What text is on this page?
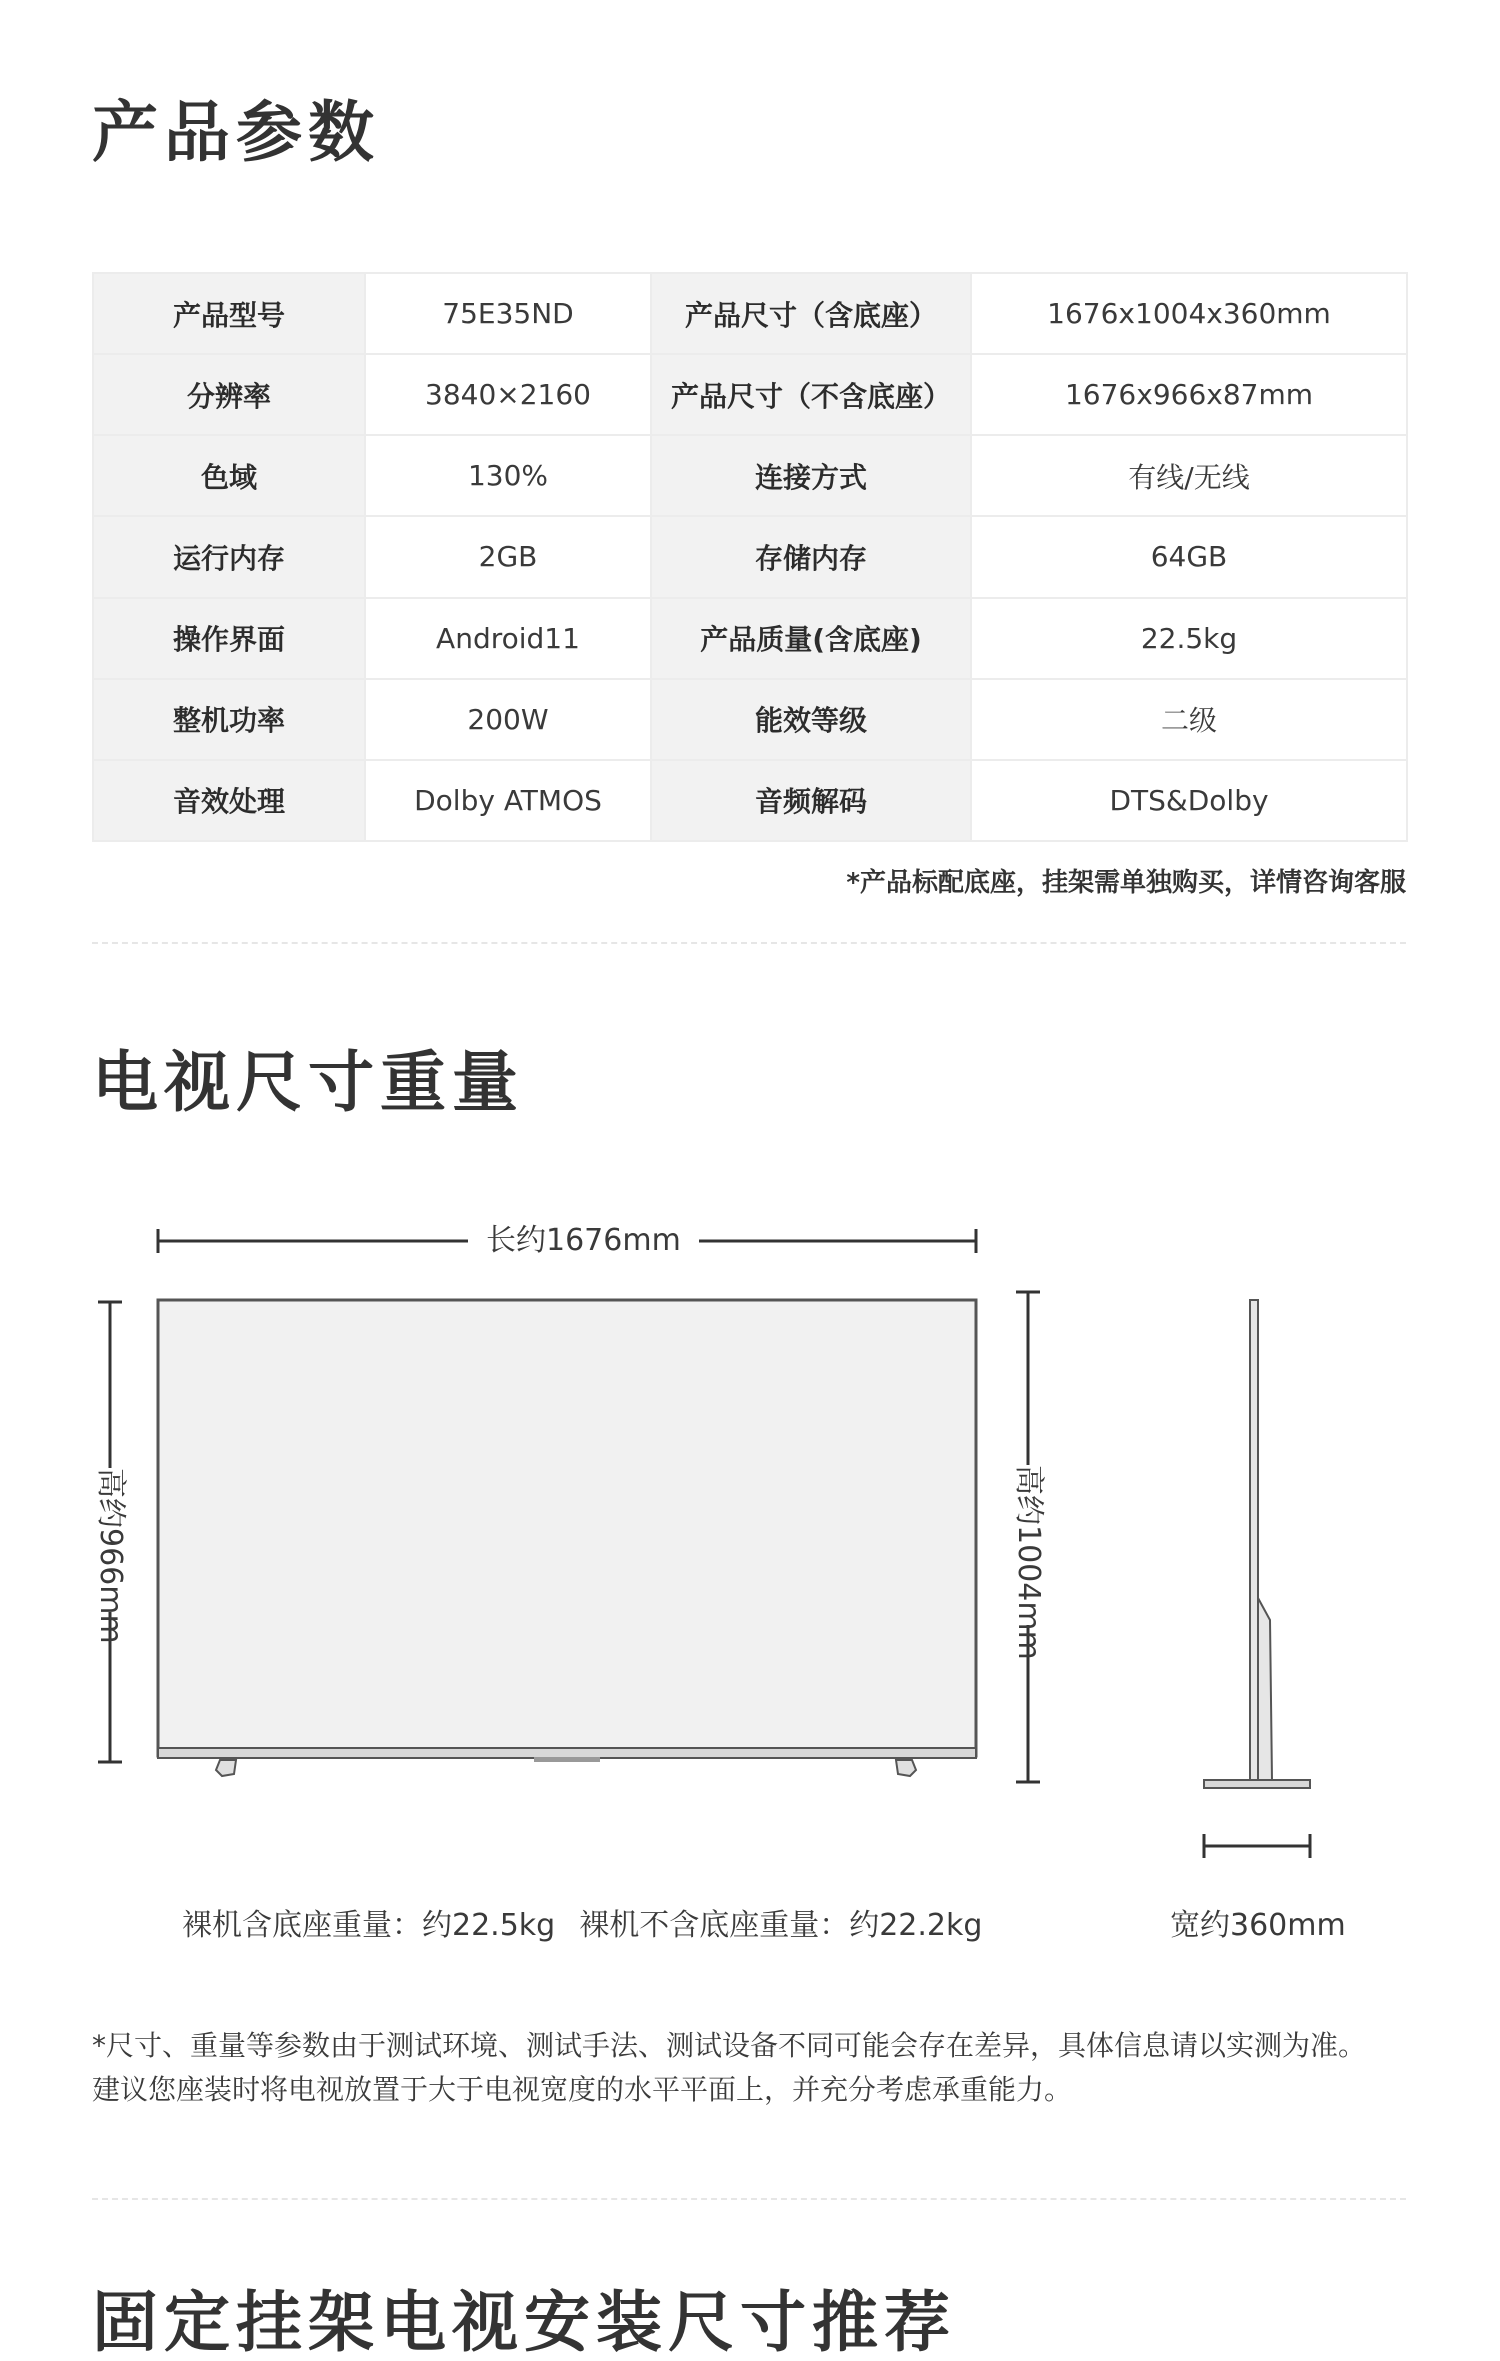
产品参数
产品型号	75E35ND	产品尺寸（含底座）	1676x1004x360mm
分辨率	3840×2160	产品尺寸（不含底座）	1676x966x87mm
色域	130%	连接方式	有线/无线
运行内存	2GB	存储内存	64GB
操作界面	Android11	产品质量(含底座)	22.5kg
整机功率	200W	能效等级	二级
音效处理	Dolby ATMOS	音频解码	DTS&Dolby
*产品标配底座，挂架需单独购买，详情咨询客服
电视尺寸重量
长约1676mm
高约966mm	高约1004mm
裸机含底座重量：约22.5kg 裸机不含底座重量：约22.2kg	宽约360mm
*尺寸、重量等参数由于测试环境、测试手法、测试设备不同可能会存在差异，具体信息请以实测为准。
建议您座装时将电视放置于大于电视宽度的水平平面上，并充分考虑承重能力。
固定挂架电视安装尺寸推荐
